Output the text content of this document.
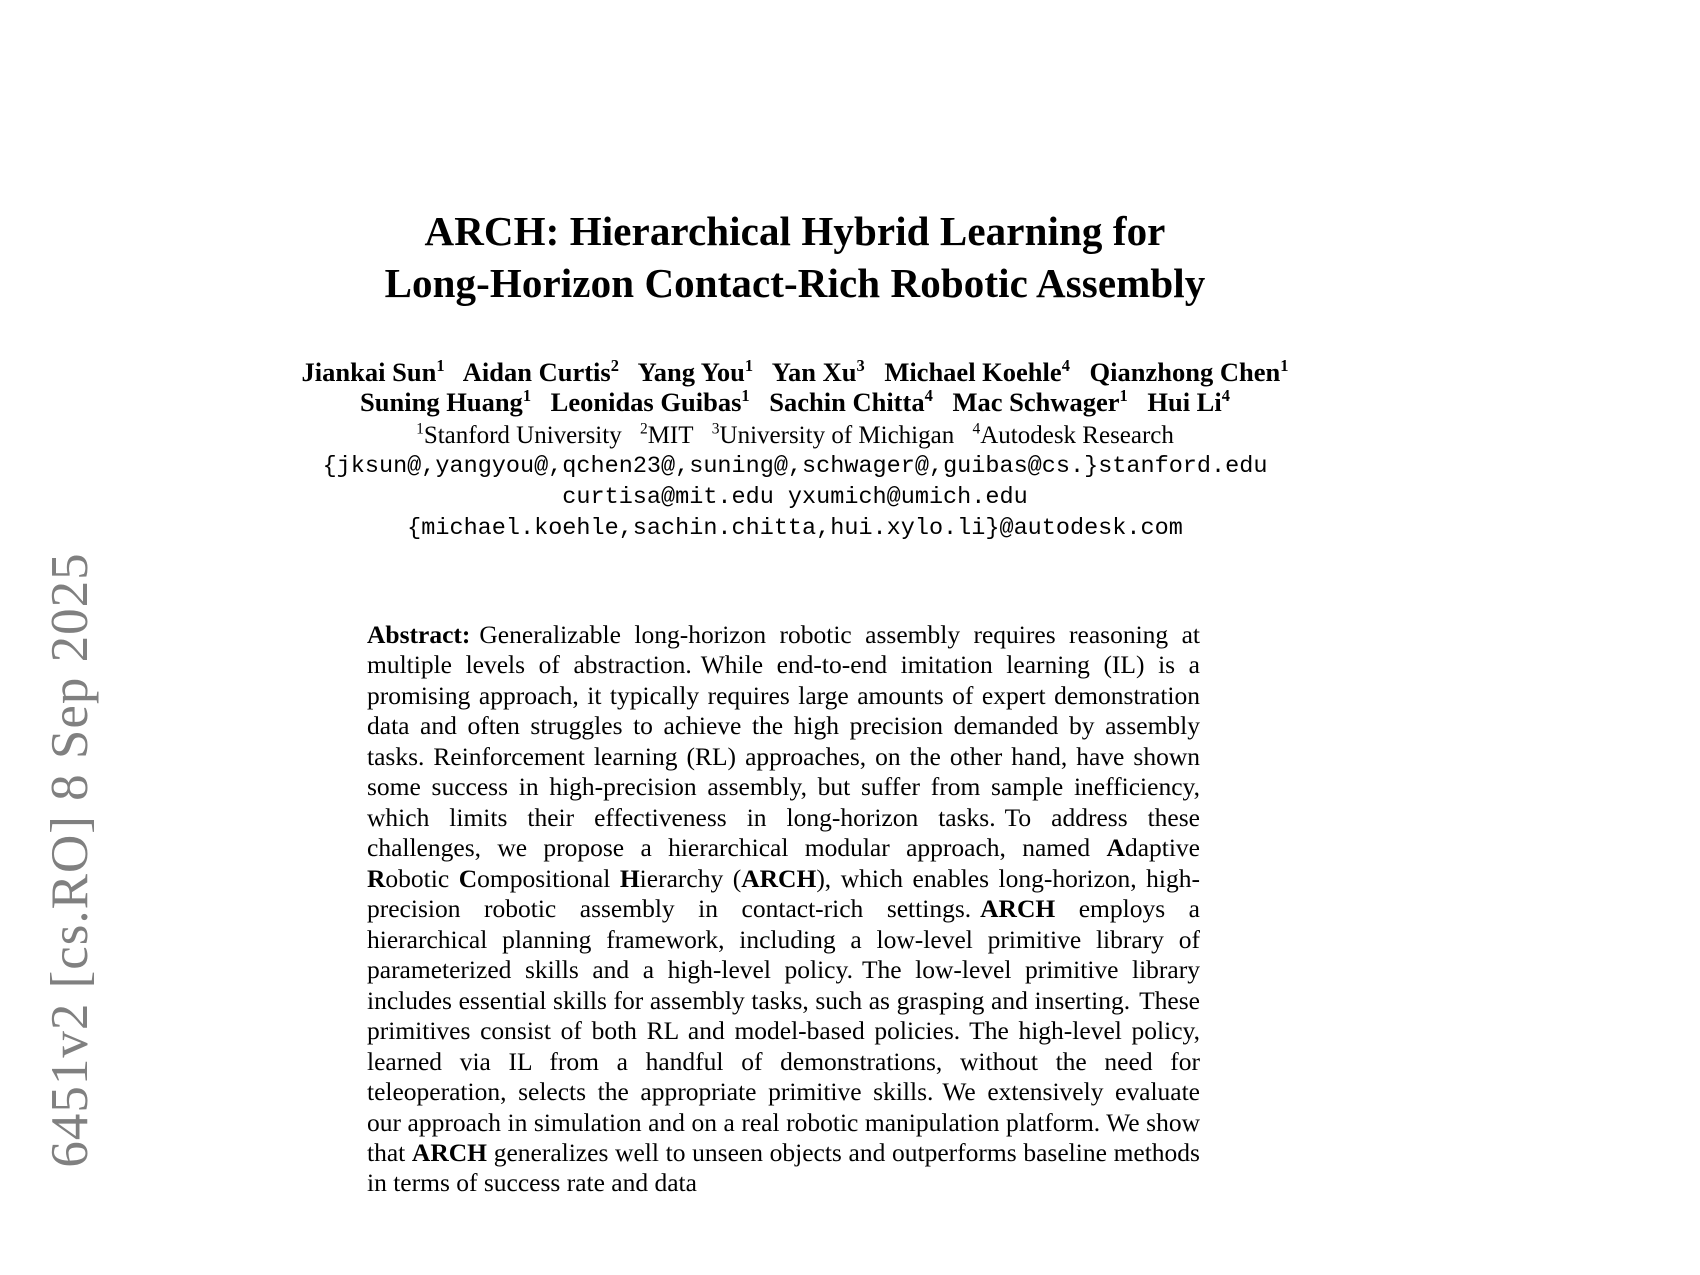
6451v2 [cs.RO] 8 Sep 2025
ARCH: Hierarchical Hybrid Learning for
Long-Horizon Contact-Rich Robotic Assembly
Jiankai Sun$^1$ Aidan Curtis$^2$ Yang You$^1$ Yan Xu$^3$ Michael Koehle$^4$ Qianzhong Chen$^1$
Suning Huang$^1$ Leonidas Guibas$^1$ Sachin Chitta$^4$ Mac Schwager$^1$ Hui Li$^4$
$^1$Stanford University $^2$MIT $^3$University of Michigan $^4$Autodesk Research
{jksun@,yangyou@,qchen23@,suning@,schwager@,guibas@cs.}stanford.edu
curtisa@mit.edu yxumich@umich.edu
{michael.koehle,sachin.chitta,hui.xylo.li}@autodesk.com
Abstract: Generalizable long-horizon robotic assembly requires reasoning at multiple levels of abstraction. While end-to-end imitation learning (IL) is a promising approach, it typically requires large amounts of expert demonstration data and often struggles to achieve the high precision demanded by assembly tasks. Reinforcement learning (RL) approaches, on the other hand, have shown some success in high-precision assembly, but suffer from sample inefficiency, which limits their effectiveness in long-horizon tasks. To address these challenges, we propose a hierarchical modular approach, named Adaptive Robotic Compositional Hierarchy (ARCH), which enables long-horizon, high-precision robotic assembly in contact-rich settings. ARCH employs a hierarchical planning framework, including a low-level primitive library of parameterized skills and a high-level policy. The low-level primitive library includes essential skills for assembly tasks, such as grasping and inserting. These primitives consist of both RL and model-based policies. The high-level policy, learned via IL from a handful of demonstrations, without the need for teleoperation, selects the appropriate primitive skills. We extensively evaluate our approach in simulation and on a real robotic manipulation platform. We show that ARCH generalizes well to unseen objects and outperforms baseline methods in terms of success rate and data
